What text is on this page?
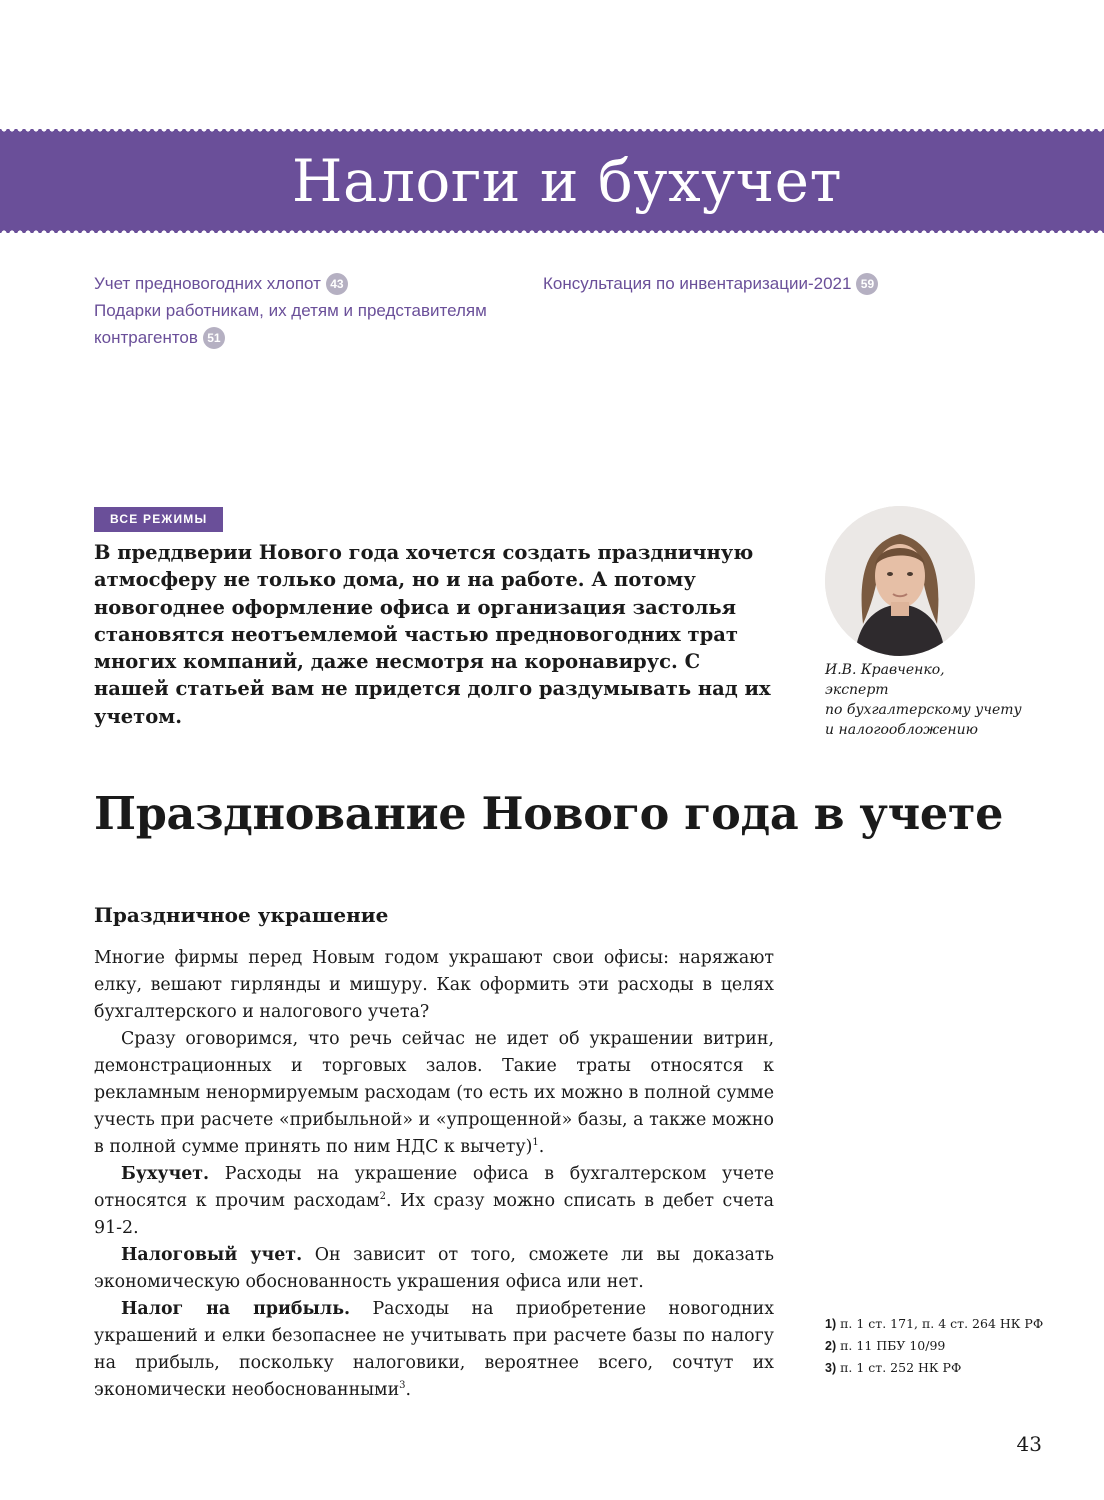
Налоги и бухучет

Учет предновогодних хлопот 43

Подарки работникам, их детям и представителям контрагентов 51

Консультация по инвентаризации-2021 59

ВСЕ РЕЖИМЫ

В преддверии Нового года хочется создать праздничную атмосферу не только дома, но и на работе. А потому новогоднее оформление офиса и организация застолья становятся неотъемлемой частью предновогодних трат многих компаний, даже несмотря на коронавирус. С нашей статьей вам не придется долго раздумывать над их учетом.

И.В. Кравченко,
эксперт
по бухгалтерскому учету
и налогообложению
Празднование Нового года в учете
Праздничное украшение

Многие фирмы перед Новым годом украшают свои офисы: наряжают елку, вешают гирлянды и мишуру. Как оформить эти расходы в целях бухгалтерского и налогового учета?

Сразу оговоримся, что речь сейчас не идет об украшении витрин, демонстрационных и торговых залов. Такие траты относятся к рекламным ненормируемым расходам (то есть их можно в полной сумме учесть при расчете «прибыльной» и «упрощенной» базы, а также можно в полной сумме принять по ним НДС к вычету)$^1$.

Бухучет. Расходы на украшение офиса в бухгалтерском учете относятся к прочим расходам$^2$. Их сразу можно списать в дебет счета 91-2.

Налоговый учет. Он зависит от того, сможете ли вы доказать экономическую обоснованность украшения офиса или нет.

Налог на прибыль. Расходы на приобретение новогодних украшений и елки безопаснее не учитывать при расчете базы по налогу на прибыль, поскольку налоговики, вероятнее всего, сочтут их экономически необоснованными$^3$.

1) п. 1 ст. 171, п. 4 ст. 264 НК РФ
2) п. 11 ПБУ 10/99
3) п. 1 ст. 252 НК РФ
43
